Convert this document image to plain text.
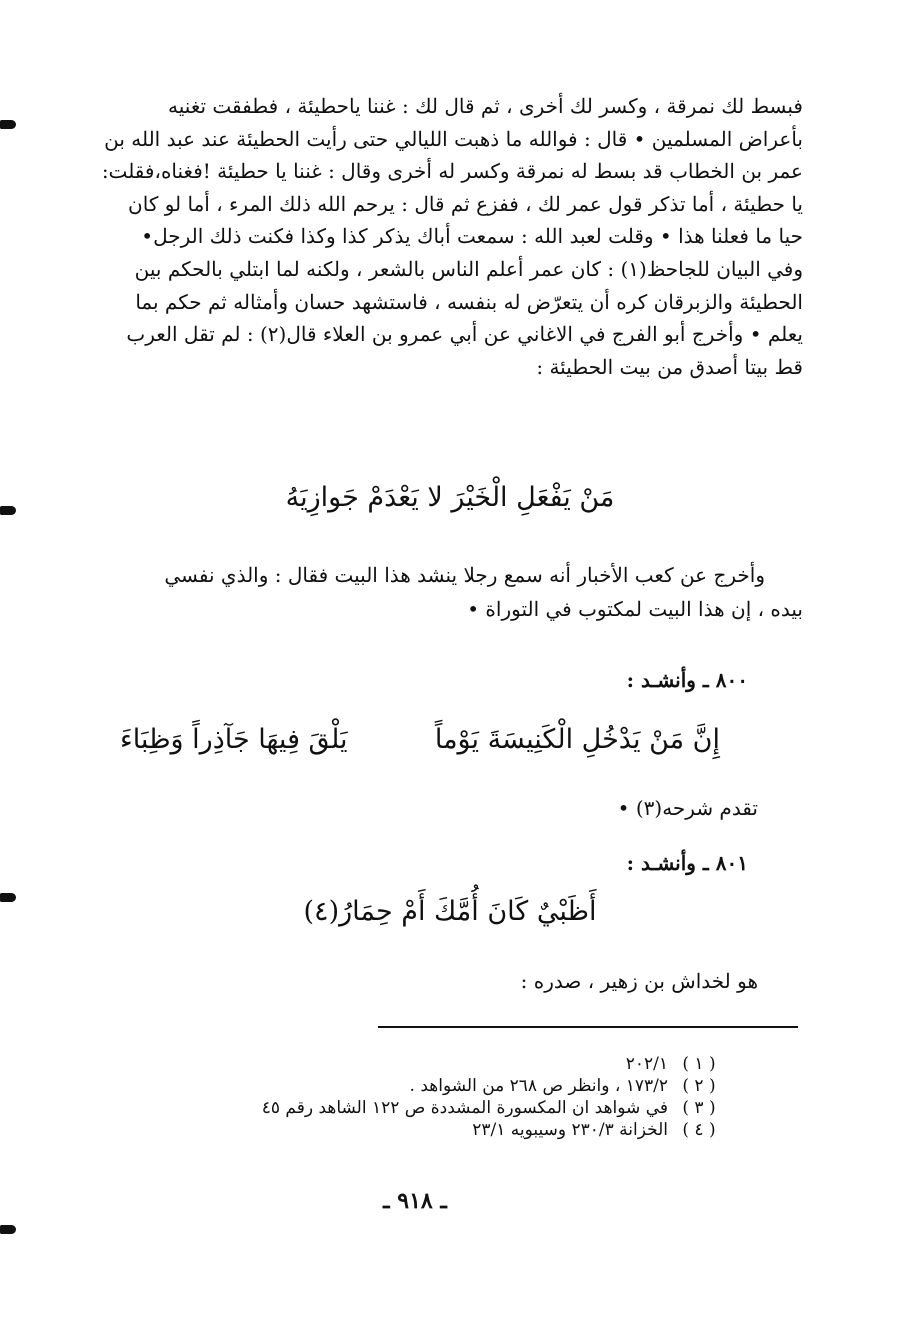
فبسط لك نمرقة ، وكسر لك أخرى ، ثم قال لك : غننا ياحطيئة ، فطفقت تغنيه

بأعراض المسلمين • قال : فوالله ما ذهبت الليالي حتى رأيت الحطيئة عند عبد الله بن

عمر بن الخطاب قد بسط له نمرقة وكسر له أخرى وقال : غننا يا حطيئة !فغناه،فقلت:

يا حطيئة ، أما تذكر قول عمر لك ، ففزع ثم قال : يرحم الله ذلك المرء ، أما لو كان

حيا ما فعلنا هذا • وقلت لعبد الله : سمعت أباك يذكر كذا وكذا فكنت ذلك الرجل•

وفي البيان للجاحظ(١) : كان عمر أعلم الناس بالشعر ، ولكنه لما ابتلي بالحكم بين

الحطيئة والزبرقان كره أن يتعرّض له بنفسه ، فاستشهد حسان وأمثاله ثم حكم بما

يعلم • وأخرج أبو الفرج في الاغاني عن أبي عمرو بن العلاء قال(٢) : لم تقل العرب

قط بيتا أصدق من بيت الحطيئة :

مَنْ يَفْعَلِ الْخَيْرَ لا يَعْدَمْ جَوازِيَهُ

وأخرج عن كعب الأخبار أنه سمع رجلا ينشد هذا البيت فقال : والذي نفسي

بيده ، إن هذا البيت لمكتوب في التوراة •

٨٠٠ ـ وأنشـد :
إِنَّ مَنْ يَدْخُلِ الْكَنِيسَةَ يَوْماً
يَلْقَ فِيهَا جَآذِراً وَظِبَاءَ
تقدم شرحه(٣) •
٨٠١ ـ وأنشـد :
أَظَبْيٌ كَانَ أُمَّكَ أَمْ حِمَارُ(٤)
هو لخداش بن زهير ، صدره :
( ١ )
٢٠٢/١
( ٢ )
١٧٣/٢ ، وانظر ص ٢٦٨ من الشواهد .
( ٣ )
في شواهد ان المكسورة المشددة ص ١٢٢ الشاهد رقم ٤٥
( ٤ )
الخزانة ٢٣٠/٣ وسيبويه ٢٣/١
ـ ٩١٨ ـ
